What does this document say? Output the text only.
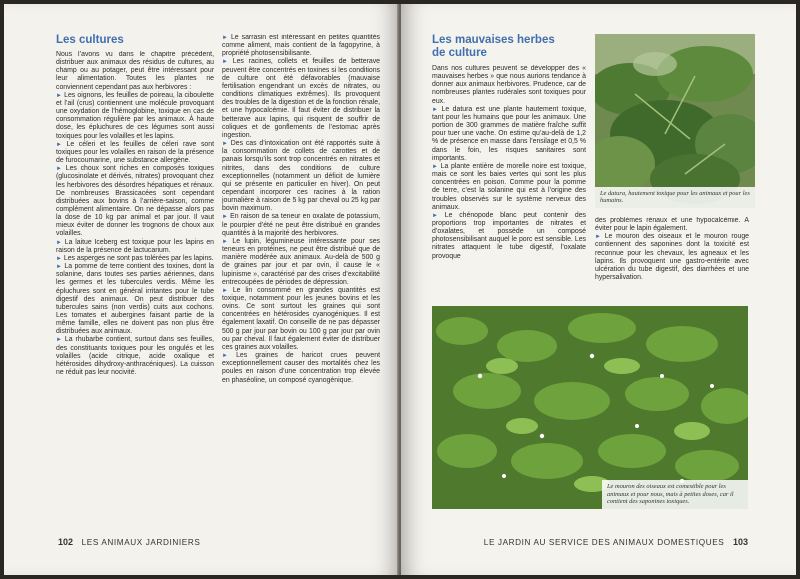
Les cultures

Nous l’avons vu dans le chapitre précédent, distribuer aux animaux des résidus de cultures, au champ ou au potager, peut être intéressant pour leur alimentation. Toutes les plantes ne conviennent cependant pas aux herbivores :

► Les oignons, les feuilles de poireau, la ciboulette et l’ail (crus) contiennent une molécule provoquant une oxydation de l’hémoglobine, toxique en cas de consommation régulière par les animaux. À haute dose, les épluchures de ces légumes sont aussi toxiques pour les volailles et les lapins.

► Le céleri et les feuilles de céleri rave sont toxiques pour les volailles en raison de la présence de furocoumarine, une substance allergène.

► Les choux sont riches en composés toxiques (glucosinolate et dérivés, nitrates) provoquant chez les herbivores des désordres hépatiques et rénaux. De nombreuses Brassicacées sont cependant distribuées aux bovins à l’arrière-saison, comme complément alimentaire. On ne dépasse alors pas la dose de 10 kg par animal et par jour. Il vaut mieux éviter de donner les trognons de choux aux volailles.

► La laitue Iceberg est toxique pour les lapins en raison de la présence de lactucarium.

► Les asperges ne sont pas tolérées par les lapins.

► La pomme de terre contient des toxines, dont la solanine, dans toutes ses parties aériennes, dans les germes et les tubercules verdis. Même les épluchures sont en général irritantes pour le tube digestif des animaux. On peut distribuer des tubercules sains (non verdis) cuits aux cochons. Les tomates et aubergines faisant partie de la même famille, elles ne doivent pas non plus être distribuées aux animaux.

► La rhubarbe contient, surtout dans ses feuilles, des constituants toxiques pour les ongulés et les volailles (acide citrique, acide oxalique et hétérosides dihydroxy-anthracéniques). La cuisson ne réduit pas leur nocivité.

► Le sarrasin est intéressant en petites quantités comme aliment, mais contient de la fagopyrine, à propriété photosensibilisante.

► Les racines, collets et feuilles de betterave peuvent être concentrés en toxines si les conditions de culture ont été défavorables (mauvaise fertilisation engendrant un excès de nitrates, ou conditions climatiques extrêmes). Ils provoquent des troubles de la digestion et de la fonction rénale, et une hypocalcémie. Il faut éviter de distribuer la betterave aux lapins, qui risquent de souffrir de coliques et de gonflements de l’estomac après ingestion.

► Des cas d’intoxication ont été rapportés suite à la consommation de collets de carottes et de panais lorsqu’ils sont trop concentrés en nitrates et nitrites, dans des conditions de culture exceptionnelles (notamment un déficit de lumière qui se présente en particulier en hiver). On peut cependant incorporer ces racines à la ration journalière à raison de 5 kg par cheval ou 25 kg par bovin maximum.

► En raison de sa teneur en oxalate de potassium, le pourpier d’été ne peut être distribué en grandes quantités à la majorité des herbivores.

► Le lupin, légumineuse intéressante pour ses teneurs en protéines, ne peut être distribué que de manière modérée aux animaux. Au-delà de 500 g de graines par jour et par ovin, il cause le « lupinisme », caractérisé par des crises d’excitabilité entrecoupées de périodes de dépression.

► Le lin consommé en grandes quantités est toxique, notamment pour les jeunes bovins et les ovins. Ce sont surtout les graines qui sont concentrées en hétérosides cyanogéniques. Il est également laxatif. On conseille de ne pas dépasser 500 g par jour par bovin ou 100 g par jour par ovin ou par cheval. Il faut également éviter de distribuer ces graines aux volailles.

► Les graines de haricot crues peuvent exceptionnellement causer des mortalités chez les poules en raison d’une concentration trop élevée en phaséoline, un composé cyanogénique.

102 LES ANIMAUX JARDINIERS
Les mauvaises herbes
de culture

Dans nos cultures peuvent se développer des « mauvaises herbes » que nous aurions tendance à donner aux animaux herbivores. Prudence, car de nombreuses plantes rudérales sont toxiques pour eux.

► Le datura est une plante hautement toxique, tant pour les humains que pour les animaux. Une portion de 300 grammes de matière fraîche suffit pour tuer une vache. On estime qu’au-delà de 1,2 % de présence en masse dans l’ensilage et 0,5 % dans le foin, les risques sanitaires sont importants.

► La plante entière de morelle noire est toxique, mais ce sont les baies vertes qui sont les plus concentrées en poison. Comme pour la pomme de terre, c’est la solanine qui est à l’origine des troubles observés sur le système nerveux des animaux.

► Le chénopode blanc peut contenir des proportions trop importantes de nitrates et d’oxalates, et possède un composé photosensibilisant auquel le porc est sensible. Les nitrates attaquent le tube digestif, l’oxalate provoque

des problèmes rénaux et une hypocalcémie. À éviter pour le lapin également.

► Le mouron des oiseaux et le mouron rouge contiennent des saponines dont la toxicité est reconnue pour les chevaux, les agneaux et les lapins. Ils provoquent une gastro-entérite avec ulcération du tube digestif, des diarrhées et une hypersalivation.

Le datura, hautement toxique pour les animaux et pour les humains.
Le mouron des oiseaux est comestible pour les animaux et pour nous, mais à petites doses, car il contient des saponines toxiques.
LE JARDIN AU SERVICE DES ANIMAUX DOMESTIQUES 103
